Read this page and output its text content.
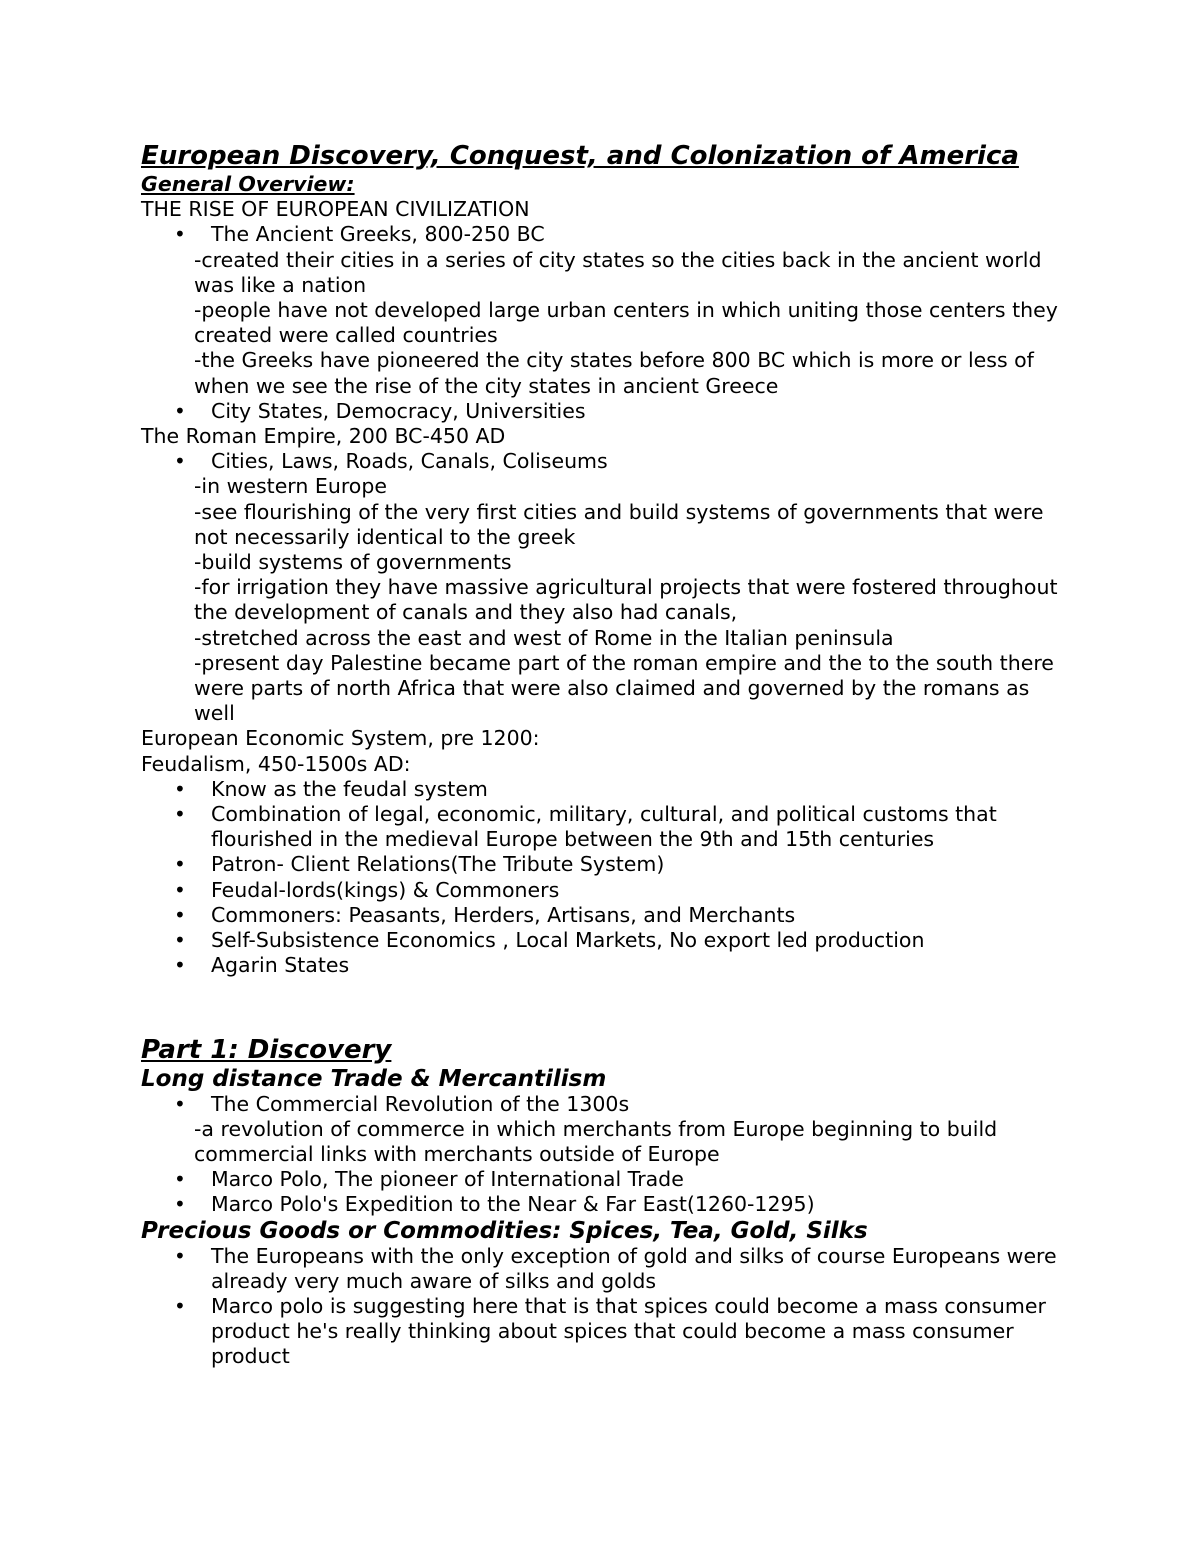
European Discovery, Conquest, and Colonization of America

General Overview:

THE RISE OF EUROPEAN CIVILIZATION

• The Ancient Greeks, 800-250 BC

-created their cities in a series of city states so the cities back in the ancient world was like a nation

-people have not developed large urban centers in which uniting those centers they created were called countries

-the Greeks have pioneered the city states before 800 BC which is more or less of when we see the rise of the city states in ancient Greece

• City States, Democracy, Universities

The Roman Empire, 200 BC-450 AD

• Cities, Laws, Roads, Canals, Coliseums

-in western Europe

-see flourishing of the very first cities and build systems of governments that were not necessarily identical to the greek

-build systems of governments

-for irrigation they have massive agricultural projects that were fostered throughout the development of canals and they also had canals,

-stretched across the east and west of Rome in the Italian peninsula

-present day Palestine became part of the roman empire and the to the south there were parts of north Africa that were also claimed and governed by the romans as well

European Economic System, pre 1200:

Feudalism, 450-1500s AD:

• Know as the feudal system
• Combination of legal, economic, military, cultural, and political customs that flourished in the medieval Europe between the 9th and 15th centuries
• Patron- Client Relations(The Tribute System)
• Feudal-lords(kings) & Commoners
• Commoners: Peasants, Herders, Artisans, and Merchants
• Self-Subsistence Economics , Local Markets, No export led production
• Agarin States

Part 1: Discovery

Long distance Trade & Mercantilism

• The Commercial Revolution of the 1300s

-a revolution of commerce in which merchants from Europe beginning to build commercial links with merchants outside of Europe

• Marco Polo, The pioneer of International Trade
• Marco Polo's Expedition to the Near & Far East(1260-1295)

Precious Goods or Commodities: Spices, Tea, Gold, Silks

• The Europeans with the only exception of gold and silks of course Europeans were already very much aware of silks and golds
• Marco polo is suggesting here that is that spices could become a mass consumer product he's really thinking about spices that could become a mass consumer product
